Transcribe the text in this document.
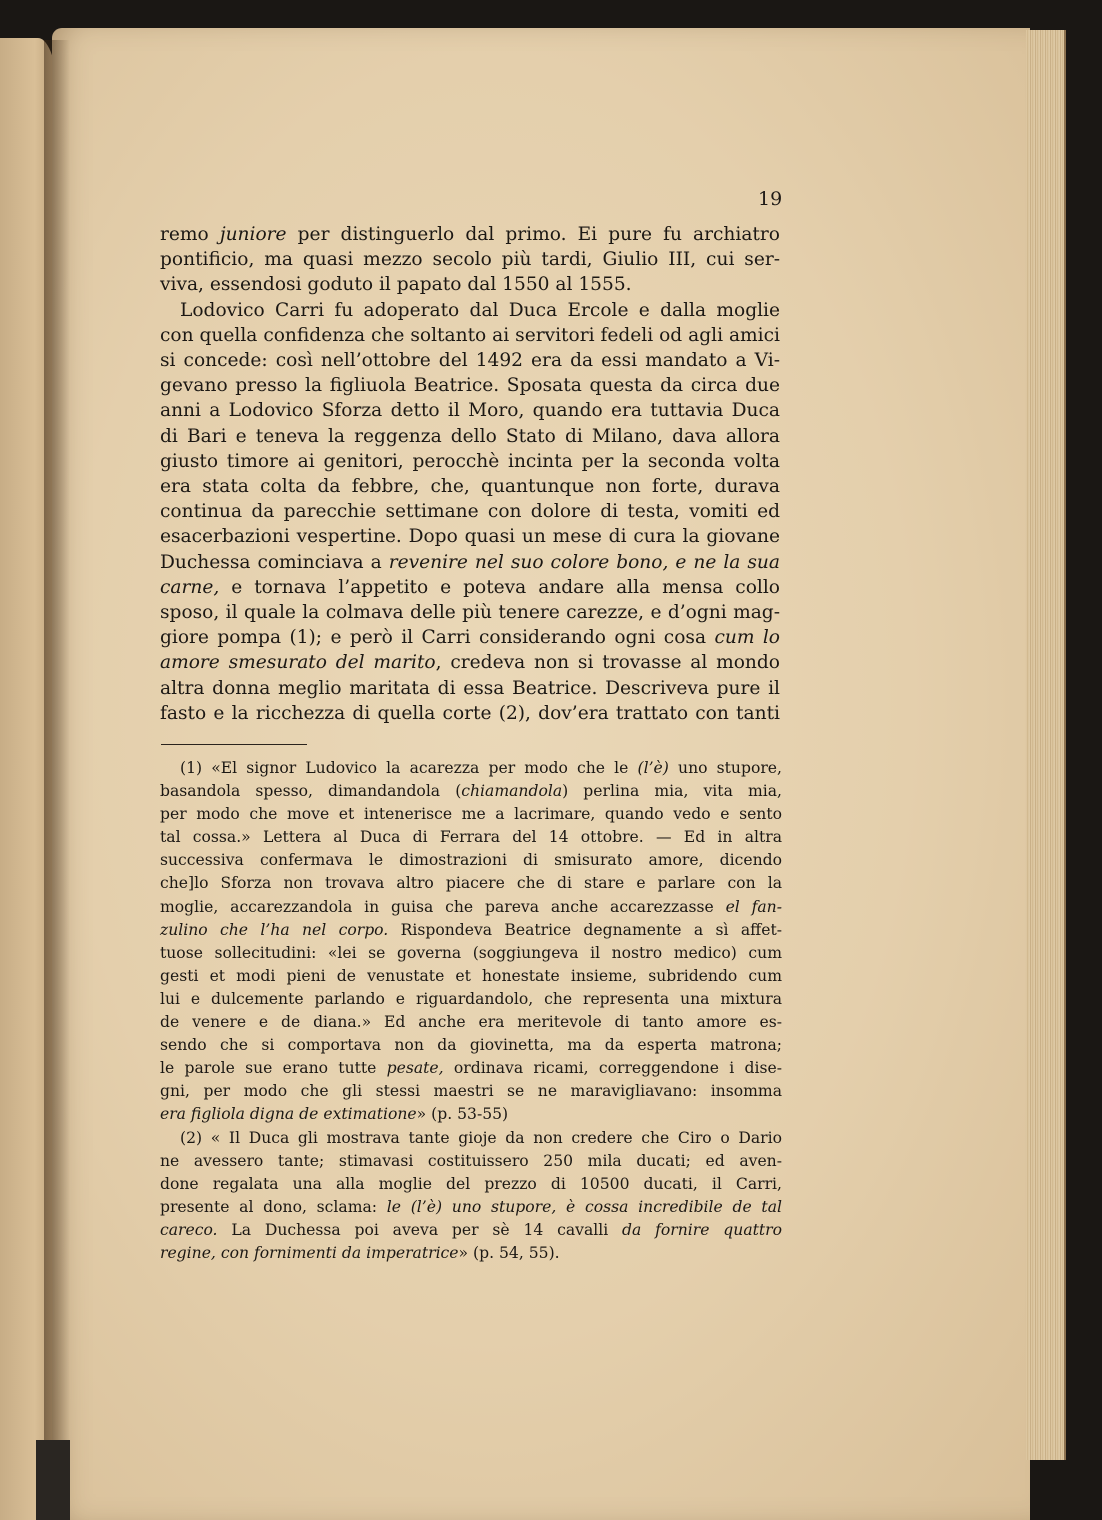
19
remo juniore per distinguerlo dal primo. Ei pure fu archiatro
pontificio, ma quasi mezzo secolo più tardi, Giulio III, cui ser-
viva, essendosi goduto il papato dal 1550 al 1555.
Lodovico Carri fu adoperato dal Duca Ercole e dalla moglie
con quella confidenza che soltanto ai servitori fedeli od agli amici
si concede: così nell’ottobre del 1492 era da essi mandato a Vi-
gevano presso la figliuola Beatrice. Sposata questa da circa due
anni a Lodovico Sforza detto il Moro, quando era tuttavia Duca
di Bari e teneva la reggenza dello Stato di Milano, dava allora
giusto timore ai genitori, perocchè incinta per la seconda volta
era stata colta da febbre, che, quantunque non forte, durava
continua da parecchie settimane con dolore di testa, vomiti ed
esacerbazioni vespertine. Dopo quasi un mese di cura la giovane
Duchessa cominciava a revenire nel suo colore bono, e ne la sua
carne, e tornava l’appetito e poteva andare alla mensa collo
sposo, il quale la colmava delle più tenere carezze, e d’ogni mag-
giore pompa (1); e però il Carri considerando ogni cosa cum lo
amore smesurato del marito, credeva non si trovasse al mondo
altra donna meglio maritata di essa Beatrice. Descriveva pure il
fasto e la ricchezza di quella corte (2), dov’era trattato con tanti
(1) «El signor Ludovico la acarezza per modo che le (l’è) uno stupore,
basandola spesso, dimandandola (chiamandola) perlina mia, vita mia,
per modo che move et intenerisce me a lacrimare, quando vedo e sento
tal cossa.» Lettera al Duca di Ferrara del 14 ottobre. — Ed in altra
successiva confermava le dimostrazioni di smisurato amore, dicendo
che]lo Sforza non trovava altro piacere che di stare e parlare con la
moglie, accarezzandola in guisa che pareva anche accarezzasse el fan-
zulino che l’ha nel corpo. Rispondeva Beatrice degnamente a sì affet-
tuose sollecitudini: «lei se governa (soggiungeva il nostro medico) cum
gesti et modi pieni de venustate et honestate insieme, subridendo cum
lui e dulcemente parlando e riguardandolo, che representa una mixtura
de venere e de diana.» Ed anche era meritevole di tanto amore es-
sendo che si comportava non da giovinetta, ma da esperta matrona;
le parole sue erano tutte pesate, ordinava ricami, correggendone i dise-
gni, per modo che gli stessi maestri se ne maravigliavano: insomma
era figliola digna de extimatione» (p. 53-55)
(2) « Il Duca gli mostrava tante gioje da non credere che Ciro o Dario
ne avessero tante; stimavasi costituissero 250 mila ducati; ed aven-
done regalata una alla moglie del prezzo di 10500 ducati, il Carri,
presente al dono, sclama: le (l’è) uno stupore, è cossa incredibile de tal
careco. La Duchessa poi aveva per sè 14 cavalli da fornire quattro
regine, con fornimenti da imperatrice» (p. 54, 55).
